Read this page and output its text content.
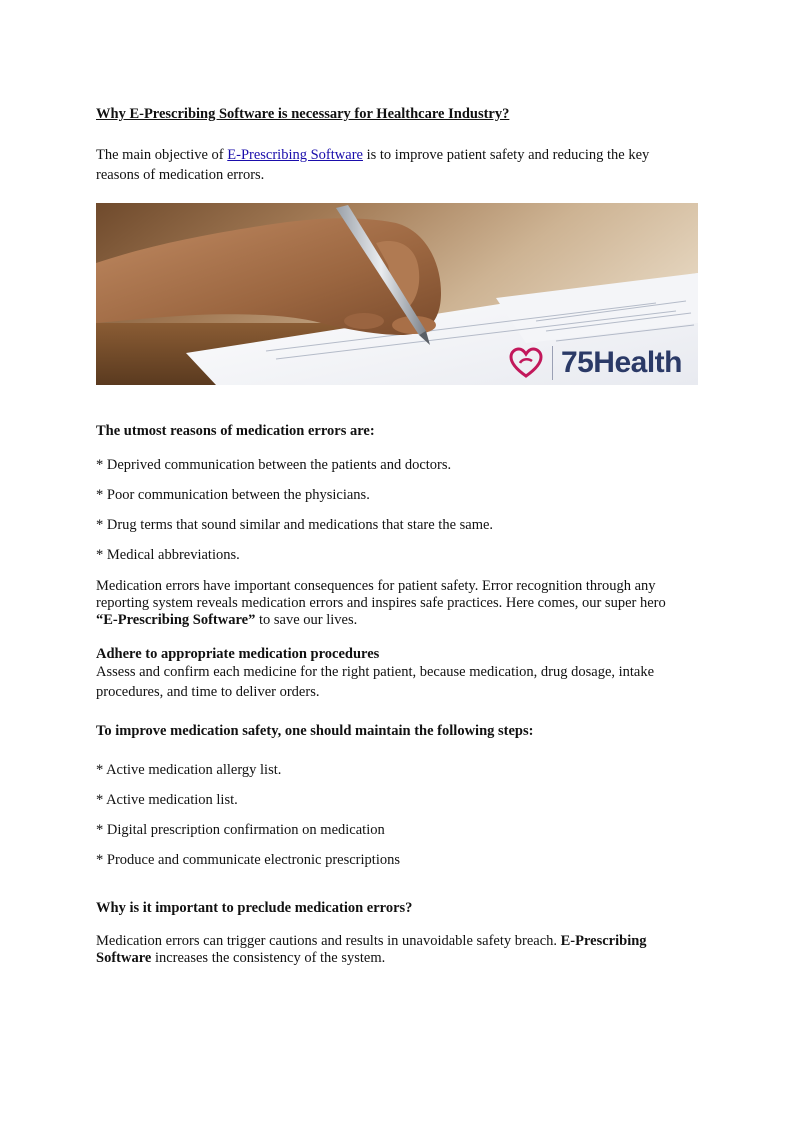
Why E-Prescribing Software is necessary for Healthcare Industry?
The main objective of E-Prescribing Software is to improve patient safety and reducing the key
reasons of medication errors.
75Health
The utmost reasons of medication errors are:
* Deprived communication between the patients and doctors.
* Poor communication between the physicians.
* Drug terms that sound similar and medications that stare the same.
* Medical abbreviations.
Medication errors have important consequences for patient safety. Error recognition through any
reporting system reveals medication errors and inspires safe practices. Here comes, our super hero
“E-Prescribing Software” to save our lives.
Adhere to appropriate medication procedures
Assess and confirm each medicine for the right patient, because medication, drug dosage, intake
procedures, and time to deliver orders.
To improve medication safety, one should maintain the following steps:
* Active medication allergy list.
* Active medication list.
* Digital prescription confirmation on medication
* Produce and communicate electronic prescriptions
Why is it important to preclude medication errors?
Medication errors can trigger cautions and results in unavoidable safety breach. E-Prescribing
Software increases the consistency of the system.
